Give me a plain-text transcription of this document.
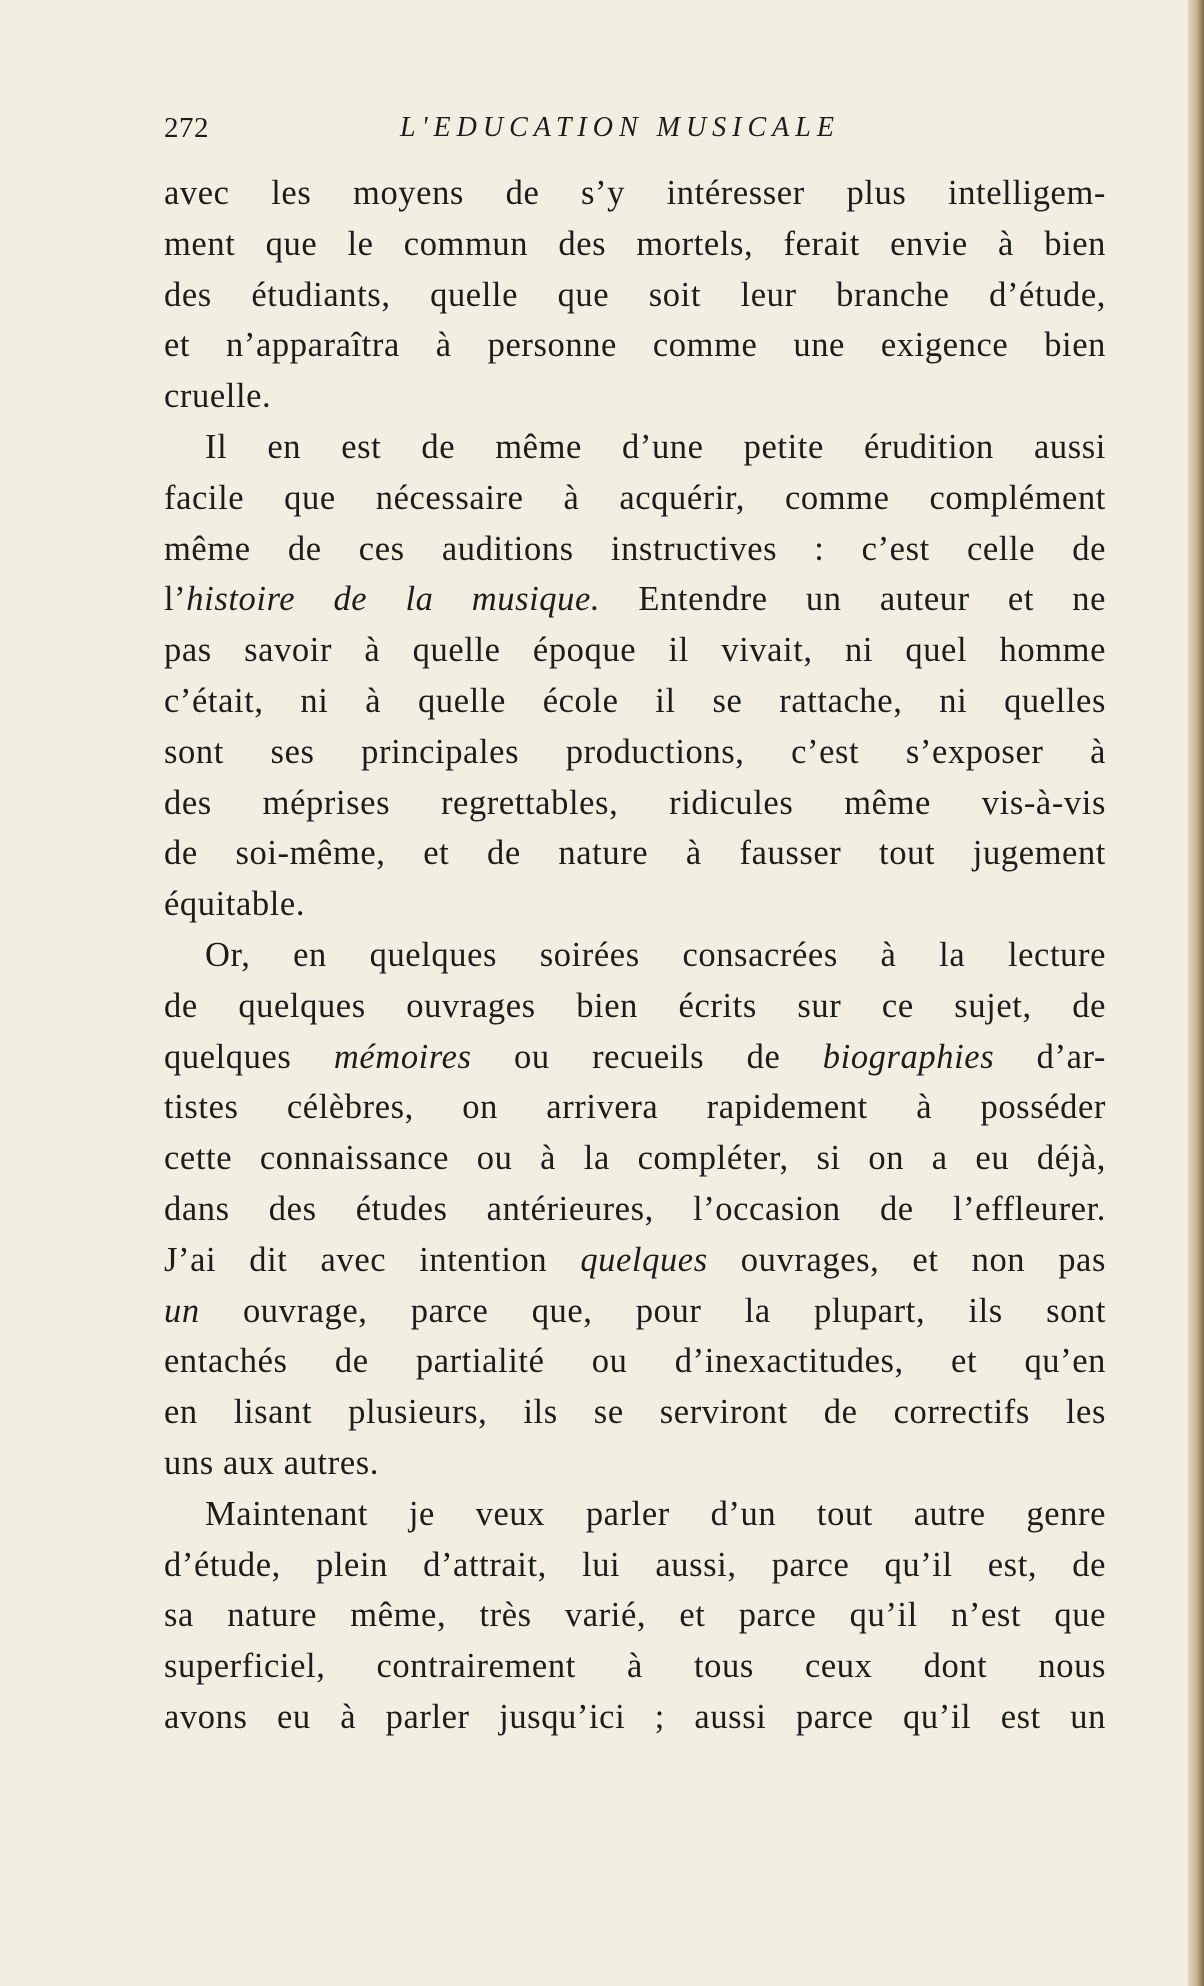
272	L'EDUCATION MUSICALE
avec les moyens de s’y intéresser plus intelligem-
ment que le commun des mortels, ferait envie à bien
des étudiants, quelle que soit leur branche d’étude,
et n’apparaîtra à personne comme une exigence bien
cruelle.
Il en est de même d’une petite érudition aussi
facile que nécessaire à acquérir, comme complément
même de ces auditions instructives : c’est celle de
l’histoire de la musique. Entendre un auteur et ne
pas savoir à quelle époque il vivait, ni quel homme
c’était, ni à quelle école il se rattache, ni quelles
sont ses principales productions, c’est s’exposer à
des méprises regrettables, ridicules même vis-à-vis
de soi-même, et de nature à fausser tout jugement
équitable.
Or, en quelques soirées consacrées à la lecture
de quelques ouvrages bien écrits sur ce sujet, de
quelques mémoires ou recueils de biographies d’ar-
tistes célèbres, on arrivera rapidement à posséder
cette connaissance ou à la compléter, si on a eu déjà,
dans des études antérieures, l’occasion de l’effleurer.
J’ai dit avec intention quelques ouvrages, et non pas
un ouvrage, parce que, pour la plupart, ils sont
entachés de partialité ou d’inexactitudes, et qu’en
en lisant plusieurs, ils se serviront de correctifs les
uns aux autres.
Maintenant je veux parler d’un tout autre genre
d’étude, plein d’attrait, lui aussi, parce qu’il est, de
sa nature même, très varié, et parce qu’il n’est que
superficiel, contrairement à tous ceux dont nous
avons eu à parler jusqu’ici ; aussi parce qu’il est un
